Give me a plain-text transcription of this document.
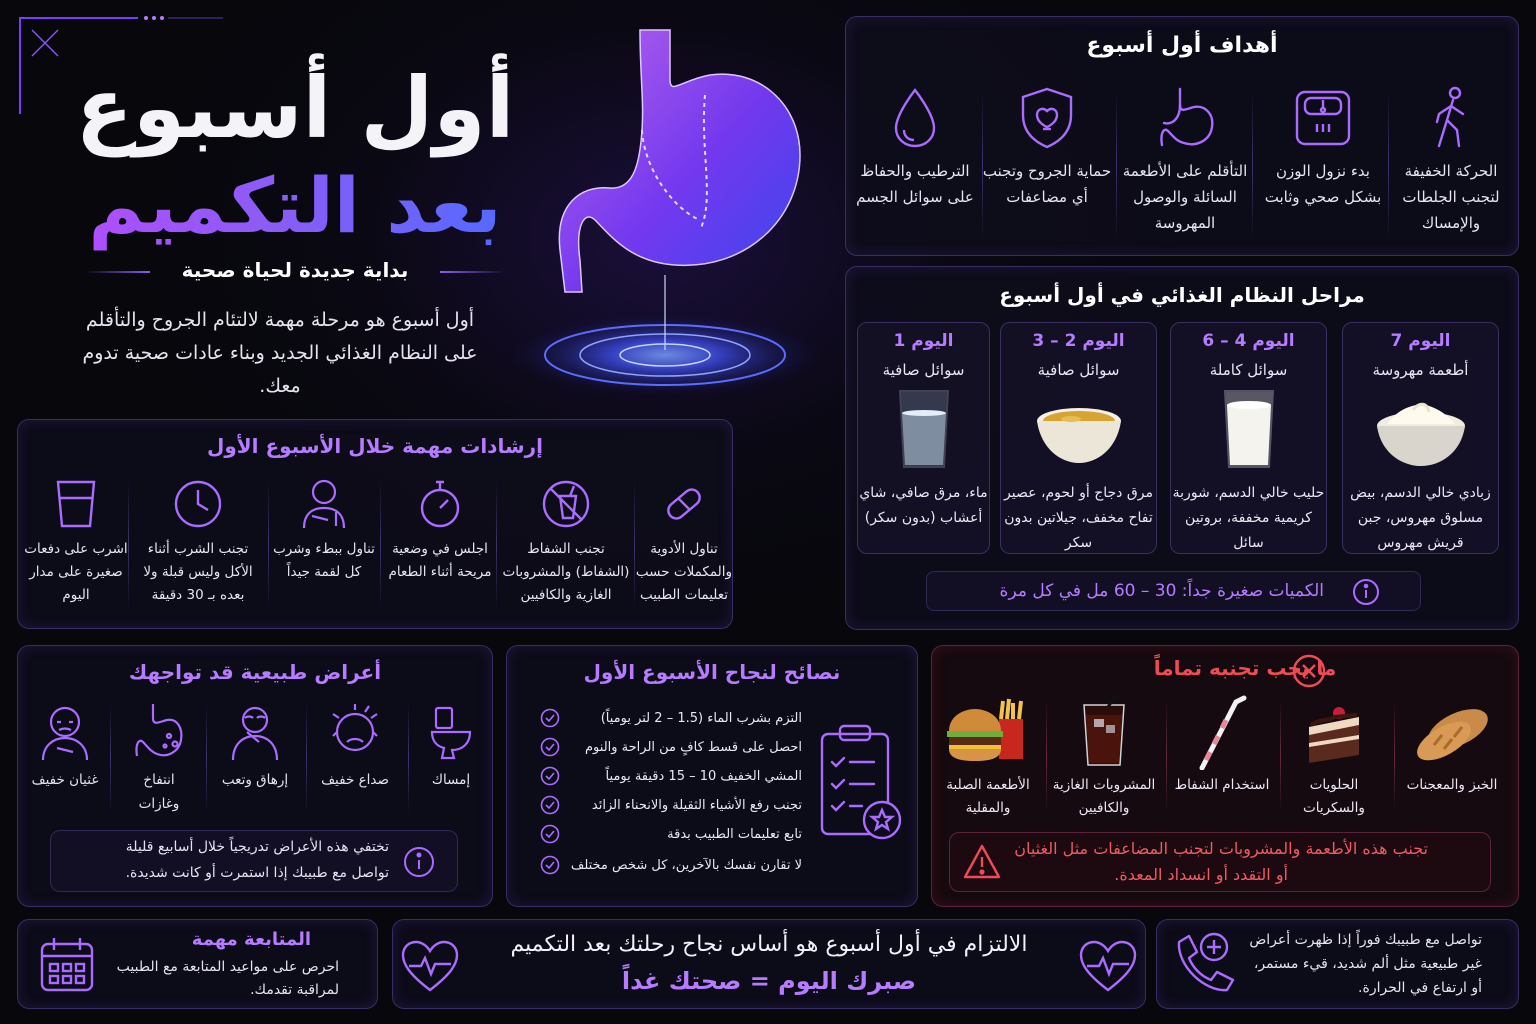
أول أسبوع
بعد التكميم
بداية جديدة لحياة صحية
أول أسبوع هو مرحلة مهمة لالتئام الجروح والتأقلم على النظام الغذائي الجديد وبناء عادات صحية تدوم معك.
أهداف أول أسبوع
الحركة الخفيفة لتجنب الجلطات والإمساك
بدء نزول الوزن بشكل صحي وثابت
التأقلم على الأطعمة السائلة والوصول المهروسة
حماية الجروح وتجنب أي مضاعفات
الترطيب والحفاظ على سوائل الجسم
مراحل النظام الغذائي في أول أسبوع
اليوم 7
أطعمة مهروسة
زبادي خالي الدسم، بيض مسلوق مهروس، جبن قريش مهروس
اليوم 4 – 6
سوائل كاملة
حليب خالي الدسم، شوربة كريمية مخففة، بروتين سائل
اليوم 2 – 3
سوائل صافية
مرق دجاج أو لحوم، عصير تفاح مخفف، جيلاتين بدون سكر
اليوم 1
سوائل صافية
ماء، مرق صافي، شاي أعشاب (بدون سكر)
الكميات صغيرة جداً: 30 – 60 مل في كل مرة
إرشادات مهمة خلال الأسبوع الأول
تناول الأدوية والمكملات حسب تعليمات الطبيب
تجنب الشفاط (الشفاط) والمشروبات الغازية والكافيين
اجلس في وضعية مريحة أثناء الطعام
تناول ببطء وشرب كل لقمة جيداً
تجنب الشرب أثناء الأكل وليس قبلة ولا بعده بـ 30 دقيقة
اشرب على دفعات صغيرة على مدار اليوم
أعراض طبيعية قد تواجهك
إمساك
صداع خفيف
إرهاق وتعب
انتفاخ وغازات
غثيان خفيف
تختفي هذه الأعراض تدريجياً خلال أسابيع قليلة
تواصل مع طبيبك إذا استمرت أو كانت شديدة.
نصائح لنجاح الأسبوع الأول
التزم بشرب الماء (1.5 – 2 لتر يومياً)
احصل على قسط كافٍ من الراحة والنوم
المشي الخفيف 10 – 15 دقيقة يومياً
تجنب رفع الأشياء الثقيلة والانحناء الزائد
تابع تعليمات الطبيب بدقة
لا تقارن نفسك بالآخرين، كل شخص مختلف
ما يجب تجنبه تماماً
الخبز والمعجنات
الحلويات والسكريات
استخدام الشفاط
المشروبات الغازية والكافيين
الأطعمة الصلبة والمقلية
تجنب هذه الأطعمة والمشروبات لتجنب المضاعفات مثل الغثيان
أو التقدد أو انسداد المعدة.
المتابعة مهمة
احرص على مواعيد المتابعة مع الطبيب لمراقبة تقدمك.
الالتزام في أول أسبوع هو أساس نجاح رحلتك بعد التكميم
صبرك اليوم = صحتك غداً
تواصل مع طبيبك فوراً إذا ظهرت أعراض غير طبيعية مثل ألم شديد، قيء مستمر، أو ارتفاع في الحرارة.
